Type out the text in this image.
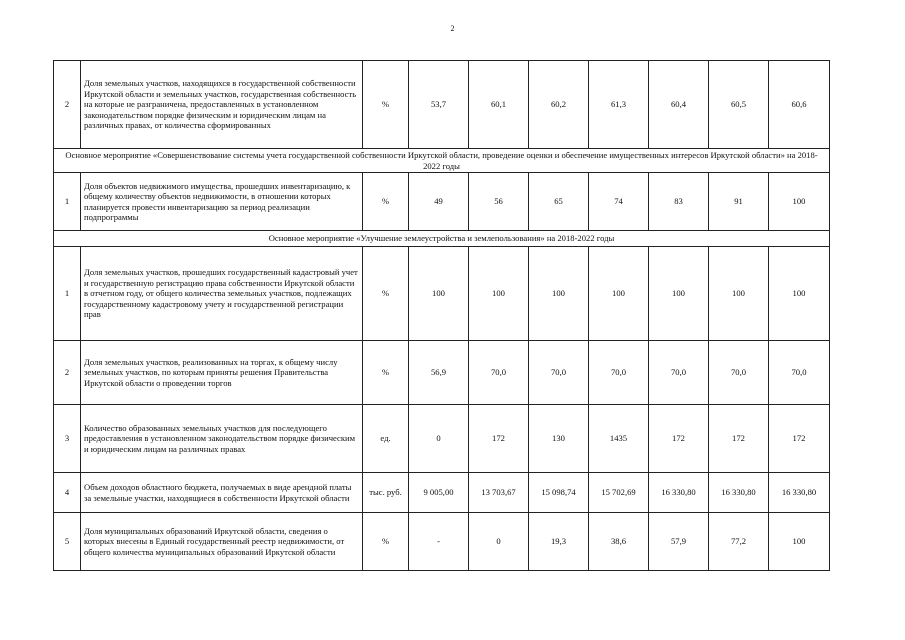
2
2	Доля земельных участков, находящихся в государственной собственности Иркутской области и земельных участков, государственная собственность на которые не разграничена, предоставленных в установленном законодательством порядке физическим и юридическим лицам на различных правах, от количества сформированных	%	53,7	60,1	60,2	61,3	60,4	60,5	60,6
Основное мероприятие «Совершенствование системы учета государственной собственности Иркутской области, проведение оценки и обеспечение имущественных интересов Иркутской области» на 2018-2022 годы									
1	Доля объектов недвижимого имущества, прошедших инвентаризацию, к общему количеству объектов недвижимости, в отношении которых планируется провести инвентаризацию за период реализации подпрограммы	%	49	56	65	74	83	91	100
Основное мероприятие «Улучшение землеустройства и землепользования» на 2018-2022 годы									
1	Доля земельных участков, прошедших государственный кадастровый учет и государственную регистрацию права собственности Иркутской области в отчетном году, от общего количества земельных участков, подлежащих государственному кадастровому учету и государственной регистрации прав	%	100	100	100	100	100	100	100
2	Доля земельных участков, реализованных на торгах, к общему числу земельных участков, по которым приняты решения Правительства Иркутской области о проведении торгов	%	56,9	70,0	70,0	70,0	70,0	70,0	70,0
3	Количество образованных земельных участков для последующего предоставления в установленном законодательством порядке физическим и юридическим лицам на различных правах	ед.	0	172	130	1435	172	172	172
4	Объем доходов областного бюджета, получаемых в виде арендной платы за земельные участки, находящиеся в собственности Иркутской области	тыс. руб.	9 005,00	13 703,67	15 098,74	15 702,69	16 330,80	16 330,80	16 330,80
5	Доля муниципальных образований Иркутской области, сведения о которых внесены в Единый государственный реестр недвижимости, от общего количества муниципальных образований Иркутской области	%	-	0	19,3	38,6	57,9	77,2	100
